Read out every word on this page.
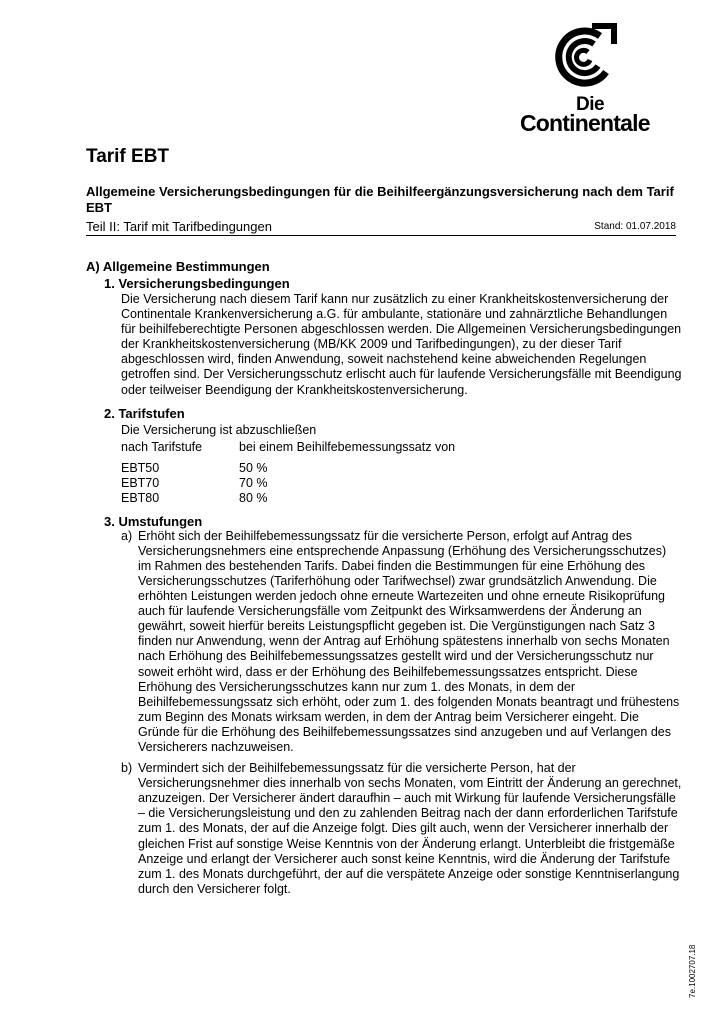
Die
Continentale
Tarif EBT

Allgemeine Versicherungsbedingungen für die Beihilfeergänzungsversicherung nach dem Tarif EBT

Teil II: Tarif mit Tarifbedingungen	Stand: 01.07.2018
A) Allgemeine Bestimmungen
1. Versicherungsbedingungen

Die Versicherung nach diesem Tarif kann nur zusätzlich zu einer Krankheitskostenversicherung der Continentale Krankenversicherung a.G. für ambulante, stationäre und zahnärztliche Behandlungen für beihilfeberechtigte Personen abgeschlossen werden. Die Allgemeinen Versicherungsbedingungen der Krankheitskostenversicherung (MB/KK 2009 und Tarifbedingungen), zu der dieser Tarif abgeschlossen wird, finden Anwendung, soweit nachstehend keine abweichenden Regelungen getroffen sind. Der Versicherungsschutz erlischt auch für laufende Versicherungsfälle mit Beendigung oder teilweiser Beendigung der Krankheitskostenversicherung.

2. Tarifstufen

Die Versicherung ist abzuschließen

nach Tarifstufe	bei einem Beihilfebemessungssatz von

EBT50	50 %
EBT70	70 %
EBT80	80 %
3. Umstufungen
a) Erhöht sich der Beihilfebemessungssatz für die versicherte Person, erfolgt auf Antrag des Versicherungsnehmers eine entsprechende Anpassung (Erhöhung des Versicherungsschutzes) im Rahmen des bestehenden Tarifs. Dabei finden die Bestimmungen für eine Erhöhung des Versicherungsschutzes (Tariferhöhung oder Tarifwechsel) zwar grundsätzlich Anwendung. Die erhöhten Leistungen werden jedoch ohne erneute Wartezeiten und ohne erneute Risikoprüfung auch für laufende Versicherungsfälle vom Zeitpunkt des Wirksamwerdens der Änderung an gewährt, soweit hierfür bereits Leistungspflicht gegeben ist. Die Vergünstigungen nach Satz 3 finden nur Anwendung, wenn der Antrag auf Erhöhung spätestens innerhalb von sechs Monaten nach Erhöhung des Beihilfebemessungssatzes gestellt wird und der Versicherungsschutz nur soweit erhöht wird, dass er der Erhöhung des Beihilfebemessungssatzes entspricht. Diese Erhöhung des Versicherungsschutzes kann nur zum 1. des Monats, in dem der Beihilfebemessungssatz sich erhöht, oder zum 1. des folgenden Monats beantragt und frühestens zum Beginn des Monats wirksam werden, in dem der Antrag beim Versicherer eingeht. Die Gründe für die Erhöhung des Beihilfebemessungssatzes sind anzugeben und auf Verlangen des Versicherers nachzuweisen.
b) Vermindert sich der Beihilfebemessungssatz für die versicherte Person, hat der Versicherungsnehmer dies innerhalb von sechs Monaten, vom Eintritt der Änderung an gerechnet, anzuzeigen. Der Versicherer ändert daraufhin – auch mit Wirkung für laufende Versicherungsfälle – die Versicherungsleistung und den zu zahlenden Beitrag nach der dann erforderlichen Tarifstufe zum 1. des Monats, der auf die Anzeige folgt. Dies gilt auch, wenn der Versicherer innerhalb der gleichen Frist auf sonstige Weise Kenntnis von der Änderung erlangt. Unterbleibt die fristgemäße Anzeige und erlangt der Versicherer auch sonst keine Kenntnis, wird die Änderung der Tarifstufe zum 1. des Monats durchgeführt, der auf die verspätete Anzeige oder sonstige Kenntniserlangung durch den Versicherer folgt.
7e.1002707.18
